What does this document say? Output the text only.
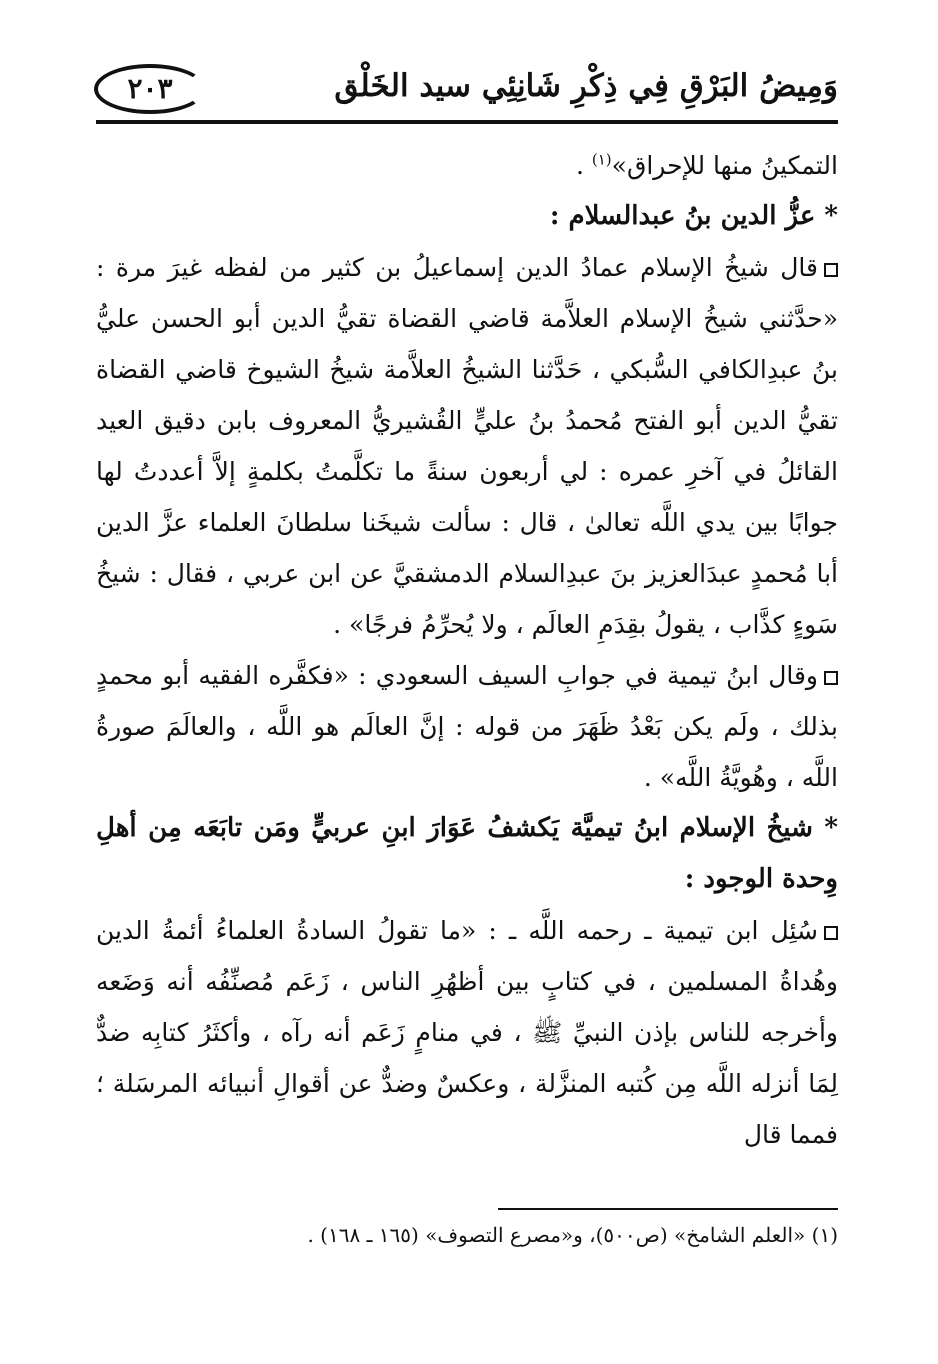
وَمِيضُ البَرْقِ فِي ذِكْرِ شَانِئِي سيد الخَلْق
٢٠٣

التمكينُ منها للإحراق»$^{(١)}$ .

* عزُّ الدين بنُ عبدالسلام :

قال شيخُ الإسلام عمادُ الدين إسماعيلُ بن كثير من لفظه غيرَ مرة : «حدَّثني شيخُ الإسلام العلاَّمة قاضي القضاة تقيُّ الدين أبو الحسن عليُّ بنُ عبدِالكافي السُّبكي ، حَدَّثنا الشيخُ العلاَّمة شيخُ الشيوخ قاضي القضاة تقيُّ الدين أبو الفتح مُحمدُ بنُ عليٍّ القُشيريُّ المعروف بابن دقيق العيد القائلُ في آخرِ عمره : لي أربعون سنةً ما تكلَّمتُ بكلمةٍ إلاَّ أعددتُ لها جوابًا بين يدي اللَّه تعالىٰ ، قال : سألت شيخَنا سلطانَ العلماء عزَّ الدين أبا مُحمدٍ عبدَالعزيز بنَ عبدِالسلام الدمشقيَّ عن ابن عربي ، فقال : شيخُ سَوءٍ كذَّاب ، يقولُ بقِدَمِ العالَم ، ولا يُحرِّمُ فرجًا» .

وقال ابنُ تيمية في جوابِ السيف السعودي : «فكفَّره الفقيه أبو محمدٍ بذلك ، ولَم يكن بَعْدُ ظَهَرَ من قوله : إنَّ العالَم هو اللَّه ، والعالَمَ صورةُ اللَّه ، وهُويَّةُ اللَّه» .

* شيخُ الإسلام ابنُ تيميَّة يَكشفُ عَوَارَ ابنِ عربيٍّ ومَن تابَعَه مِن أهلِ وِحدة الوجود :

سُئِل ابن تيمية ـ رحمه اللَّه ـ : «ما تقولُ السادةُ العلماءُ أئمةُ الدين وهُداةُ المسلمين ، في كتابٍ بين أظهُرِ الناس ، زَعَم مُصنِّفُه أنه وَضَعه وأخرجه للناس بإذن النبيِّ ﷺ ، في منامٍ زَعَم أنه رآه ، وأكثَرُ كتابِه ضدٌّ لِمَا أنزله اللَّه مِن كُتبه المنزَّلة ، وعكسٌ وضدٌّ عن أقوالِ أنبيائه المرسَلة ؛ فمما قال

(١) «العلم الشامخ» (ص٥٠٠)، و«مصرع التصوف» (١٦٥ ـ ١٦٨) .
